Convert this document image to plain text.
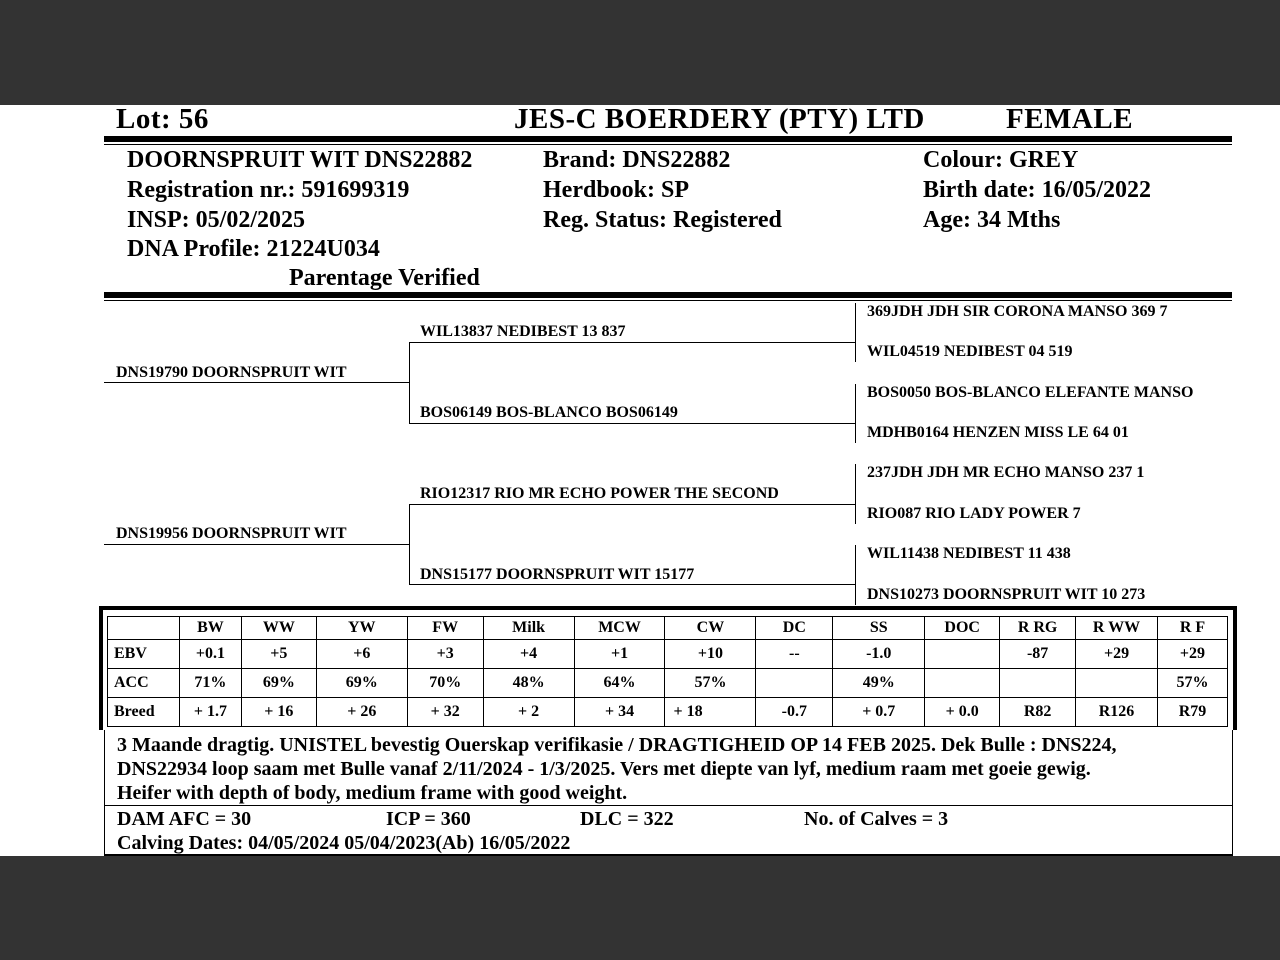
Lot: 56	JES-C BOERDERY (PTY) LTD	FEMALE
DOORNSPRUIT WIT DNS22882
Registration nr.: 591699319
INSP: 05/02/2025
DNA Profile: 21224U034
Parentage Verified
Brand: DNS22882
Herdbook: SP
Reg. Status: Registered
Colour: GREY
Birth date: 16/05/2022
Age: 34 Mths
DNS19790 DOORNSPRUIT WIT
DNS19956 DOORNSPRUIT WIT
WIL13837 NEDIBEST 13 837
BOS06149 BOS-BLANCO BOS06149
RIO12317 RIO MR ECHO POWER THE SECOND
DNS15177 DOORNSPRUIT WIT 15177
369JDH JDH SIR CORONA MANSO 369 7
WIL04519 NEDIBEST 04 519
BOS0050 BOS-BLANCO ELEFANTE MANSO
MDHB0164 HENZEN MISS LE 64 01
237JDH JDH MR ECHO MANSO 237 1
RIO087 RIO LADY POWER 7
WIL11438 NEDIBEST 11 438
DNS10273 DOORNSPRUIT WIT 10 273
	BW	WW	YW	FW	Milk	MCW	CW	DC	SS	DOC	R RG	R WW	R F
EBV	+0.1	+5	+6	+3	+4	+1	+10	--	-1.0		-87	+29	+29
ACC	71%	69%	69%	70%	48%	64%	57%		49%				57%
Breed	+ 1.7	+ 16	+ 26	+ 32	+ 2	+ 34	+ 18	-0.7	+ 0.7	+ 0.0	R82	R126	R79
3 Maande dragtig. UNISTEL bevestig Ouerskap verifikasie / DRAGTIGHEID OP 14 FEB 2025. Dek Bulle : DNS224,
DNS22934 loop saam met Bulle vanaf 2/11/2024 - 1/3/2025. Vers met diepte van lyf, medium raam met goeie gewig.
Heifer with depth of body, medium frame with good weight.
DAM AFC = 30	ICP = 360	DLC = 322	No. of Calves = 3
Calving Dates: 04/05/2024 05/04/2023(Ab) 16/05/2022
